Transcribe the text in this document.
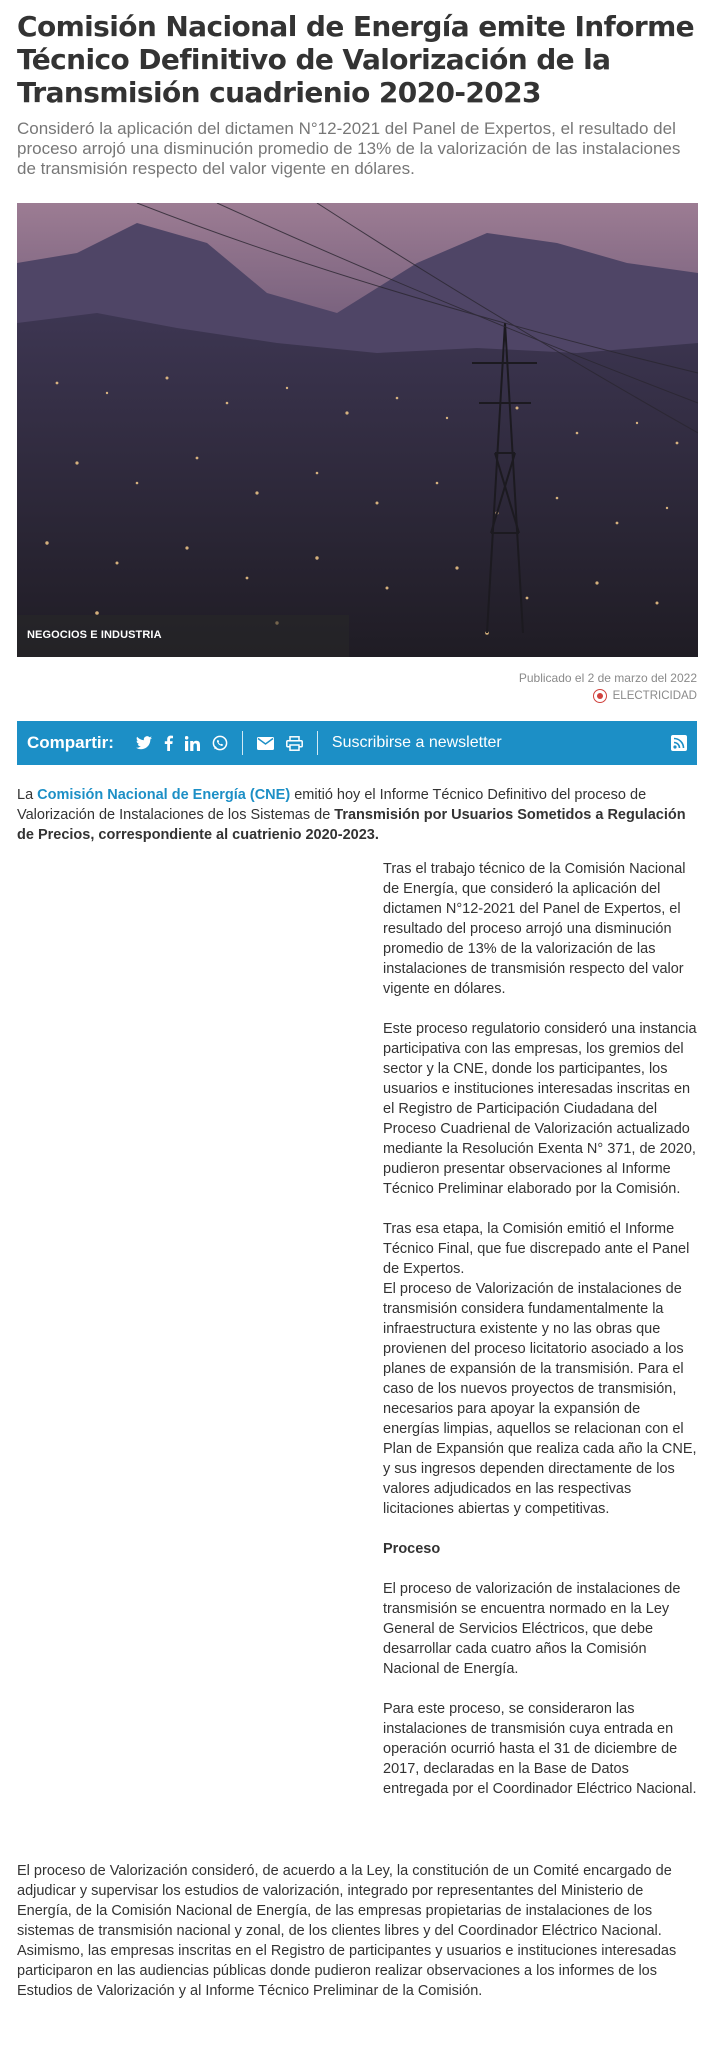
Comisión Nacional de Energía emite Informe Técnico Definitivo de Valorización de la Transmisión cuadrienio 2020-2023
Consideró la aplicación del dictamen N°12-2021 del Panel de Expertos, el resultado del proceso arrojó una disminución promedio de 13% de la valorización de las instalaciones de transmisión respecto del valor vigente en dólares.
NEGOCIOS E INDUSTRIA
Publicado el 2 de marzo del 2022
ELECTRICIDAD
Compartir:	Suscribirse a newsletter

La Comisión Nacional de Energía (CNE) emitió hoy el Informe Técnico Definitivo del proceso de Valorización de Instalaciones de los Sistemas de Transmisión por Usuarios Sometidos a Regulación de Precios, correspondiente al cuatrienio 2020-2023.

Tras el trabajo técnico de la Comisión Nacional de Energía, que consideró la aplicación del dictamen N°12-2021 del Panel de Expertos, el resultado del proceso arrojó una disminución promedio de 13% de la valorización de las instalaciones de transmisión respecto del valor vigente en dólares.

Este proceso regulatorio consideró una instancia participativa con las empresas, los gremios del sector y la CNE, donde los participantes, los usuarios e instituciones interesadas inscritas en el Registro de Participación Ciudadana del Proceso Cuadrienal de Valorización actualizado mediante la Resolución Exenta N° 371, de 2020, pudieron presentar observaciones al Informe Técnico Preliminar elaborado por la Comisión.

Tras esa etapa, la Comisión emitió el Informe Técnico Final, que fue discrepado ante el Panel de Expertos.

El proceso de Valorización de instalaciones de transmisión considera fundamentalmente la infraestructura existente y no las obras que provienen del proceso licitatorio asociado a los planes de expansión de la transmisión. Para el caso de los nuevos proyectos de transmisión, necesarios para apoyar la expansión de energías limpias, aquellos se relacionan con el Plan de Expansión que realiza cada año la CNE, y sus ingresos dependen directamente de los valores adjudicados en las respectivas licitaciones abiertas y competitivas.

Proceso

El proceso de valorización de instalaciones de transmisión se encuentra normado en la Ley General de Servicios Eléctricos, que debe desarrollar cada cuatro años la Comisión Nacional de Energía.

Para este proceso, se consideraron las instalaciones de transmisión cuya entrada en operación ocurrió hasta el 31 de diciembre de 2017, declaradas en la Base de Datos entregada por el Coordinador Eléctrico Nacional.

El proceso de Valorización consideró, de acuerdo a la Ley, la constitución de un Comité encargado de adjudicar y supervisar los estudios de valorización, integrado por representantes del Ministerio de Energía, de la Comisión Nacional de Energía, de las empresas propietarias de instalaciones de los sistemas de transmisión nacional y zonal, de los clientes libres y del Coordinador Eléctrico Nacional.

Asimismo, las empresas inscritas en el Registro de participantes y usuarios e instituciones interesadas participaron en las audiencias públicas donde pudieron realizar observaciones a los informes de los Estudios de Valorización y al Informe Técnico Preliminar de la Comisión.
